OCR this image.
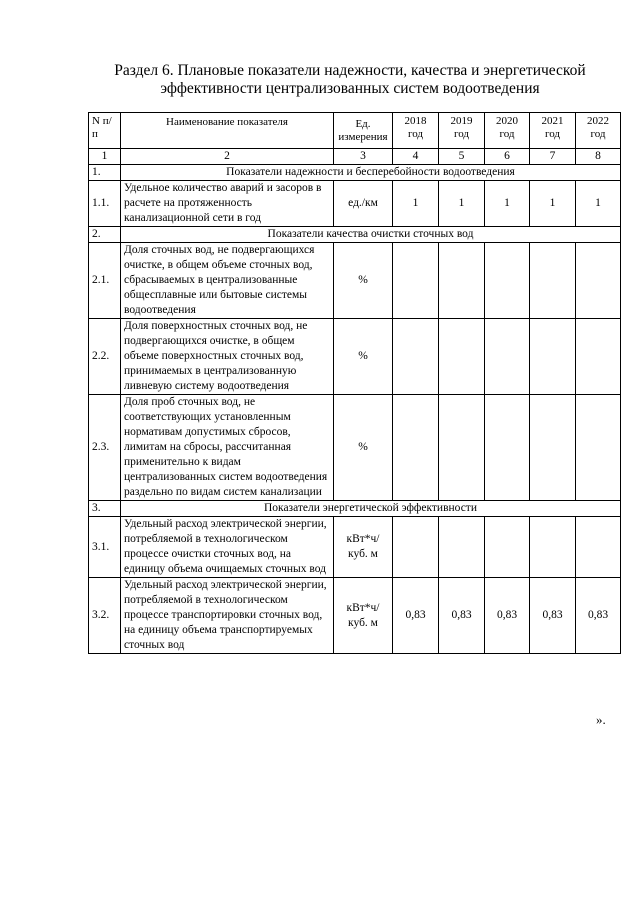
Раздел 6. Плановые показатели надежности, качества и энергетической
эффективности централизованных систем водоотведения
N п/п	Наименование показателя	Ед. измерения	2018 год	2019 год	2020 год	2021 год	2022 год
1	2	3	4	5	6	7	8
1.	Показатели надежности и бесперебойности водоотведения						
1.1.	Удельное количество аварий и засоров в расчете на протяженность канализационной сети в год	ед./км	1	1	1	1	1
2.	Показатели качества очистки сточных вод						
2.1.	Доля сточных вод, не подвергающихся очистке, в общем объеме сточных вод, сбрасываемых в централизованные общесплавные или бытовые системы водоотведения	%					
2.2.	Доля поверхностных сточных вод, не подвергающихся очистке, в общем объеме поверхностных сточных вод, принимаемых в централизованную ливневую систему водоотведения	%					
2.3.	Доля проб сточных вод, не соответствующих установленным нормативам допустимых сбросов, лимитам на сбросы, рассчитанная применительно к видам централизованных систем водоотведения раздельно по видам систем канализации	%					
3.	Показатели энергетической эффективности						
3.1.	Удельный расход электрической энергии, потребляемой в технологическом процессе очистки сточных вод, на единицу объема очищаемых сточных вод	кВт*ч/ куб. м					
3.2.	Удельный расход электрической энергии, потребляемой в технологическом процессе транспортировки сточных вод, на единицу объема транспортируемых сточных вод	кВт*ч/ куб. м	0,83	0,83	0,83	0,83	0,83
».
